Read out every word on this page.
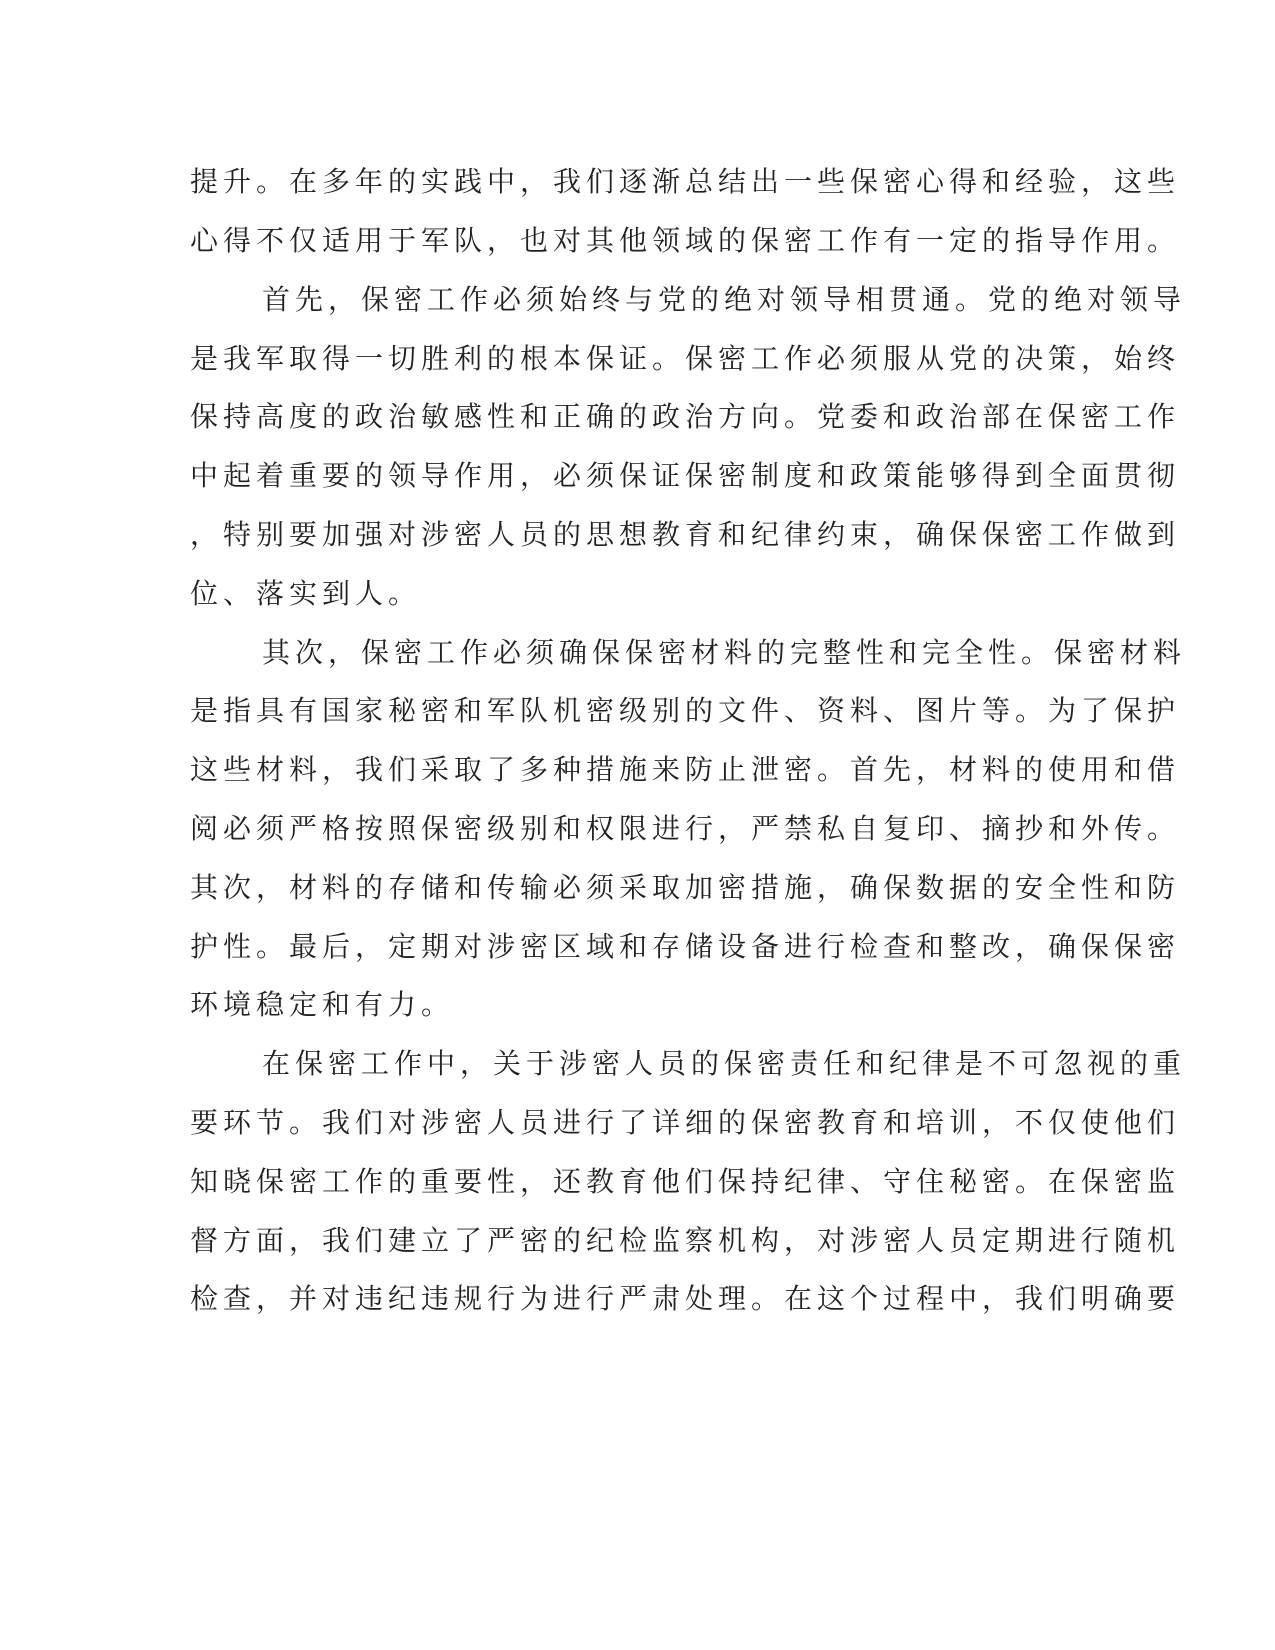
提升。在多年的实践中，我们逐渐总结出一些保密心得和经验，这些
心得不仅适用于军队，也对其他领域的保密工作有一定的指导作用。
首先，保密工作必须始终与党的绝对领导相贯通。党的绝对领导
是我军取得一切胜利的根本保证。保密工作必须服从党的决策，始终
保持高度的政治敏感性和正确的政治方向。党委和政治部在保密工作
中起着重要的领导作用，必须保证保密制度和政策能够得到全面贯彻
，特别要加强对涉密人员的思想教育和纪律约束，确保保密工作做到
位、落实到人。
其次，保密工作必须确保保密材料的完整性和完全性。保密材料
是指具有国家秘密和军队机密级别的文件、资料、图片等。为了保护
这些材料，我们采取了多种措施来防止泄密。首先，材料的使用和借
阅必须严格按照保密级别和权限进行，严禁私自复印、摘抄和外传。
其次，材料的存储和传输必须采取加密措施，确保数据的安全性和防
护性。最后，定期对涉密区域和存储设备进行检查和整改，确保保密
环境稳定和有力。
在保密工作中，关于涉密人员的保密责任和纪律是不可忽视的重
要环节。我们对涉密人员进行了详细的保密教育和培训，不仅使他们
知晓保密工作的重要性，还教育他们保持纪律、守住秘密。在保密监
督方面，我们建立了严密的纪检监察机构，对涉密人员定期进行随机
检查，并对违纪违规行为进行严肃处理。在这个过程中，我们明确要
